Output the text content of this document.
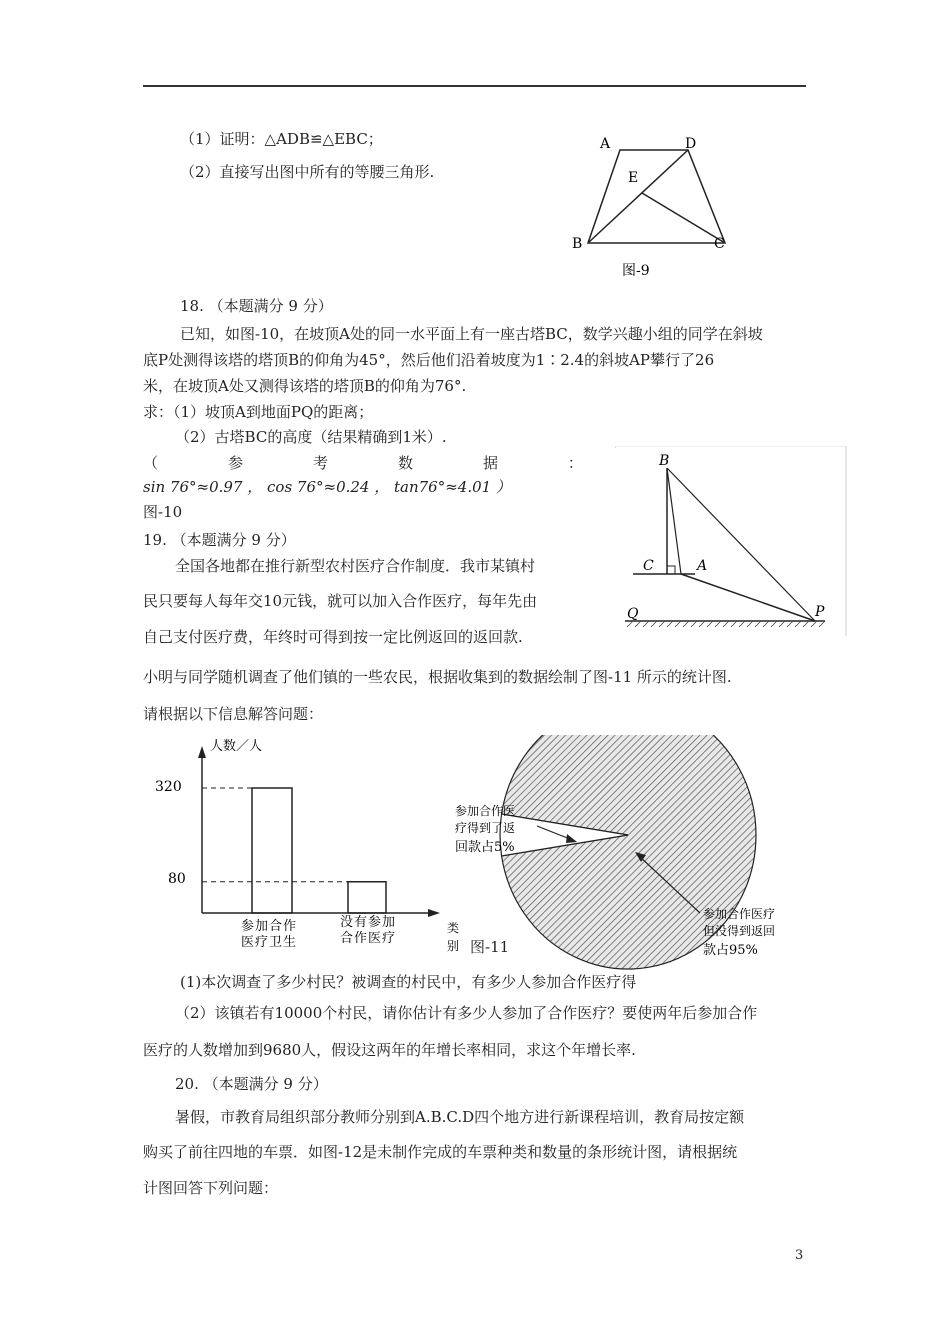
（1）证明：△ADB≌△EBC；
（2）直接写出图中所有的等腰三角形.
A	D
E
B	C
图-9
18. （本题满分 9 分）
已知，如图-10，在坡顶A处的同一水平面上有一座古塔BC，数学兴趣小组的同学在斜坡
底P处测得该塔的塔顶B的仰角为45°，然后他们沿着坡度为1∶2.4的斜坡AP攀行了26
米，在坡顶A处又测得该塔的塔顶B的仰角为76°.
求：（1）坡顶A到地面PQ的距离；
（2）古塔BC的高度（结果精确到1米）.
（	参	考	数	据	：
sin 76°≈0.97 ， cos 76°≈0.24 ， tan76°≈4.01 ）
图-10
B
C	A
Q	P
19. （本题满分 9 分）
全国各地都在推行新型农村医疗合作制度．我市某镇村
民只要每人每年交10元钱，就可以加入合作医疗，每年先由
自己支付医疗费，年终时可得到按一定比例返回的返回款.
小明与同学随机调查了他们镇的一些农民，根据收集到的数据绘制了图-11 所示的统计图.
请根据以下信息解答问题：
人数／人
320
80
参加合作
医疗卫生
没有参加
合作医疗
类
别 图-11
参加合作医
疗得到了返
回款占5%
参加合作医疗
但没得到返回
款占95%
(1)本次调查了多少村民？被调查的村民中，有多少人参加合作医疗得
（2）该镇若有10000个村民，请你估计有多少人参加了合作医疗？要使两年后参加合作
医疗的人数增加到9680人，假设这两年的年增长率相同，求这个年增长率.
20. （本题满分 9 分）
暑假，市教育局组织部分教师分别到A.B.C.D四个地方进行新课程培训，教育局按定额
购买了前往四地的车票．如图-12是未制作完成的车票种类和数量的条形统计图，请根据统
计图回答下列问题：
3
